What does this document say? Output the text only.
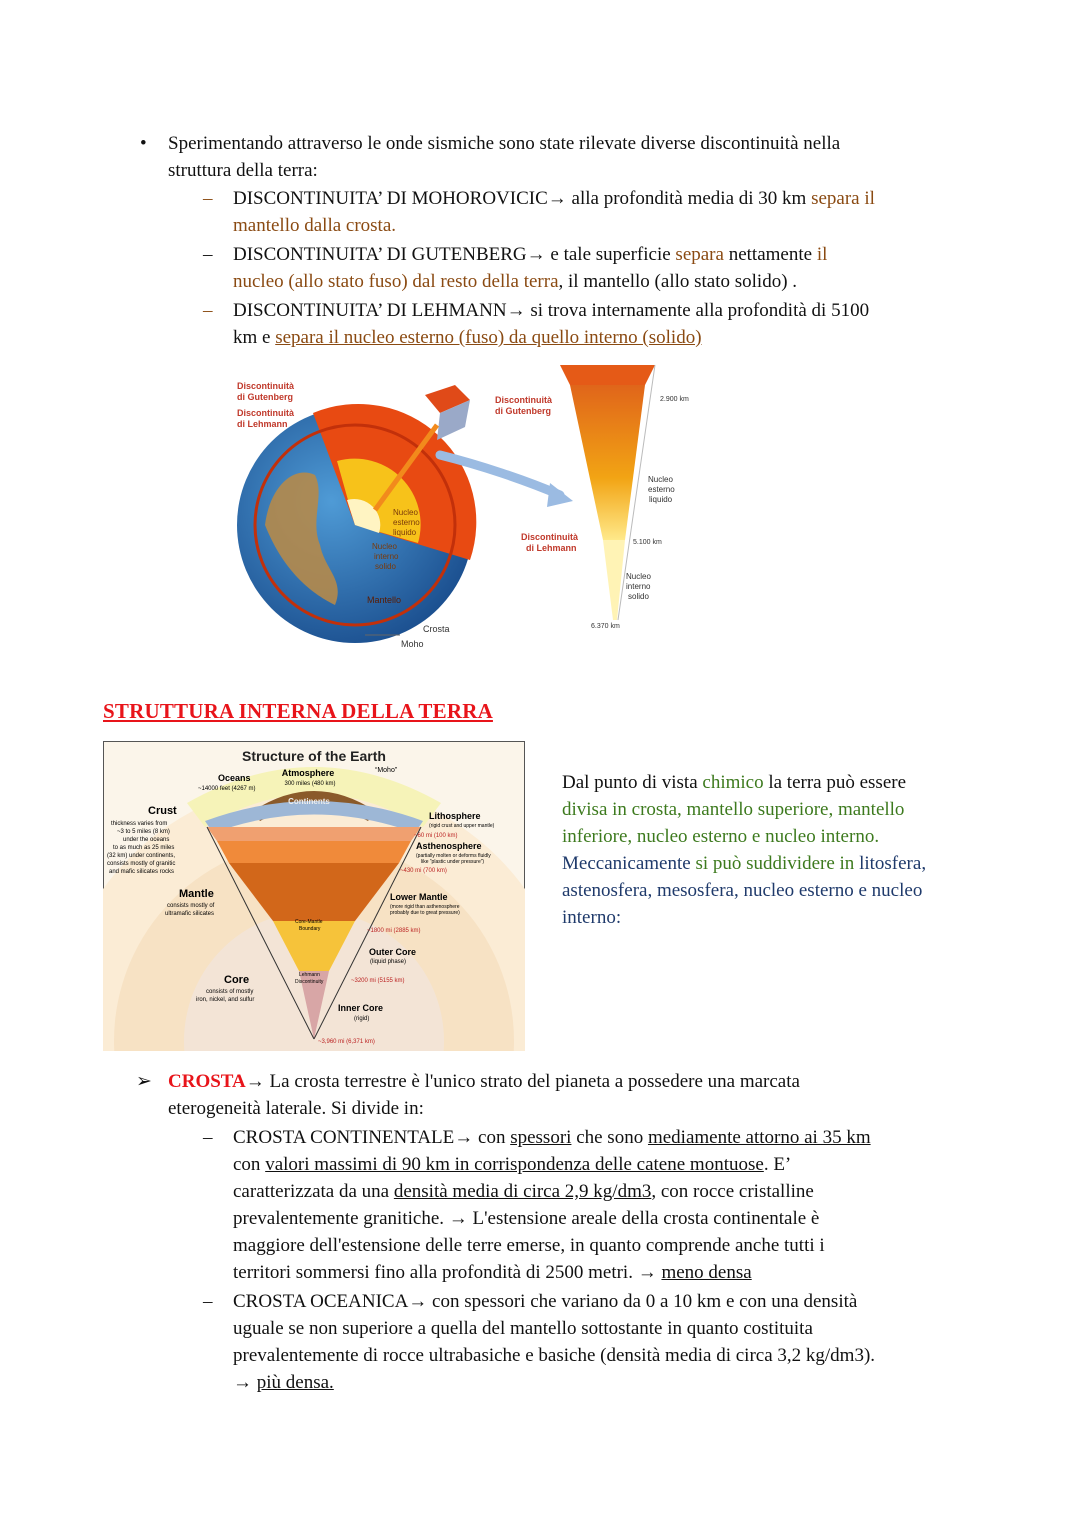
• Sperimentando attraverso le onde sismiche sono state rilevate diverse discontinuità nella
struttura della terra:
– DISCONTINUITA’ DI MOHOROVICIC→ alla profondità media di 30 km separa il
mantello dalla crosta.
– DISCONTINUITA’ DI GUTENBERG→ e tale superficie separa nettamente il
nucleo (allo stato fuso) dal resto della terra, il mantello (allo stato solido) .
– DISCONTINUITA’ DI LEHMANN→ si trova internamente alla profondità di 5100
km e separa il nucleo esterno (fuso) da quello interno (solido)
Discontinuità
di Gutenberg
Discontinuità
di Lehmann
Nucleo
esterno
liquido
Nucleo
interno
solido
Mantello
Crosta
Moho
Discontinuità
di Gutenberg
Discontinuità
di Lehmann
2.900 km
5.100 km
6.370 km
Nucleo
esterno
liquido
Nucleo
interno
solido
STRUTTURA INTERNA DELLA TERRA
Structure of the Earth
Atmosphere
300 miles (480 km)
“Moho”
Oceans
~14000 feet (4267 m)
Continents
Crust
thickness varies from
~3 to 5 miles (8 km)
under the oceans
to as much as 25 miles
(32 km) under continents,
consists mostly of granitic
and mafic silicates rocks
Lithosphere
(rigid crust and upper mantle)
~60 mi (100 km)
Asthenosphere
(partially molten or deforms fluidly
like “plastic under pressure”)
~430 mi (700 km)
Mantle
consists mostly of
ultramafic silicates
Lower Mantle
(more rigid than asthenosphere
probably due to great pressure)
Core-Mantle
Boundary	~1800 mi (2885 km)
Outer Core
(liquid phase)
Lehmann
Discontinuity	~3200 mi (5155 km)
Core
consists of mostly
iron, nickel, and sulfur
Inner Core
(rigid)
~3,960 mi (6,371 km)
Dal punto di vista chimico la terra può essere
divisa in crosta, mantello superiore, mantello
inferiore, nucleo esterno e nucleo interno.
Meccanicamente si può suddividere in litosfera,
astenosfera, mesosfera, nucleo esterno e nucleo
interno:
➢ CROSTA→ La crosta terrestre è l'unico strato del pianeta a possedere una marcata
eterogeneità laterale. Si divide in:
– CROSTA CONTINENTALE→ con spessori che sono mediamente attorno ai 35 km
con valori massimi di 90 km in corrispondenza delle catene montuose. E’
caratterizzata da una densità media di circa 2,9 kg/dm3, con rocce cristalline
prevalentemente granitiche. → L'estensione areale della crosta continentale è
maggiore dell'estensione delle terre emerse, in quanto comprende anche tutti i
territori sommersi fino alla profondità di 2500 metri. → meno densa
– CROSTA OCEANICA→ con spessori che variano da 0 a 10 km e con una densità
uguale se non superiore a quella del mantello sottostante in quanto costituita
prevalentemente di rocce ultrabasiche e basiche (densità media di circa 3,2 kg/dm3).
→ più densa.
